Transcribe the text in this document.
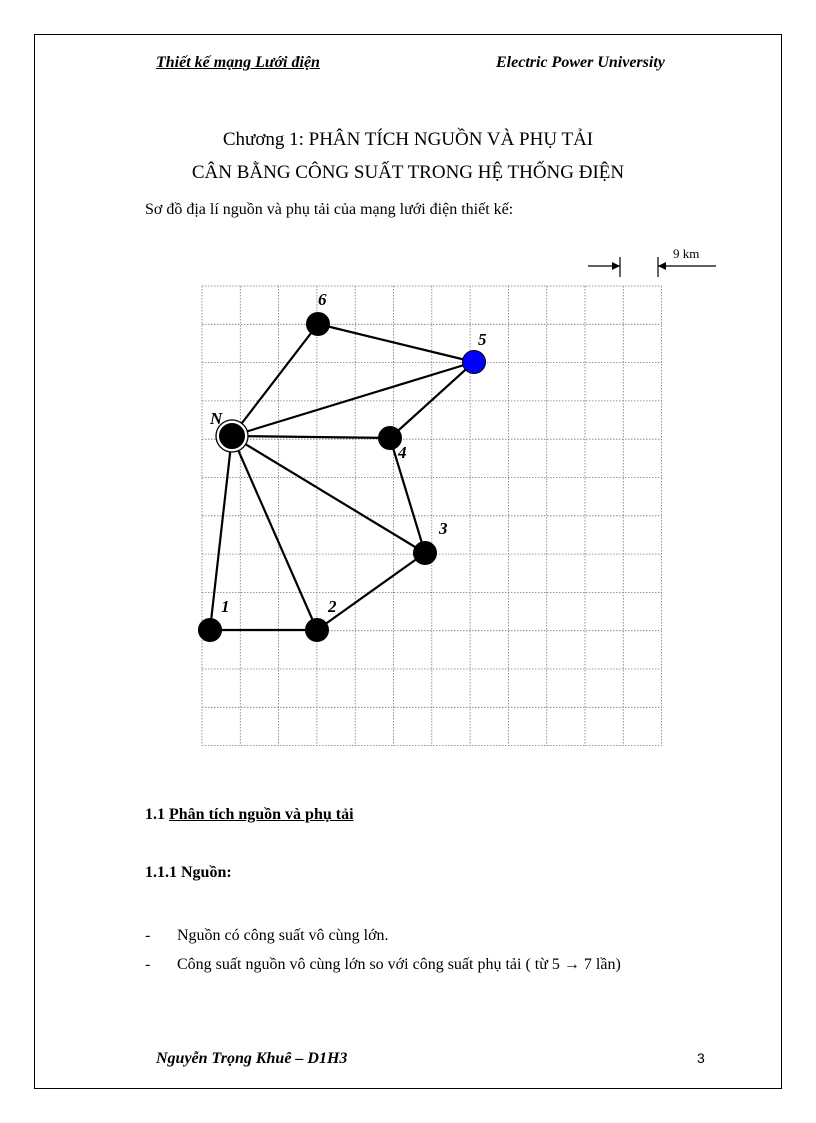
Thiết kế mạng Lưới điện	Electric Power University
Chương 1: PHÂN TÍCH NGUỒN VÀ PHỤ TẢI
CÂN BẰNG CÔNG SUẤT TRONG HỆ THỐNG ĐIỆN
Sơ đồ địa lí nguồn và phụ tải của mạng lưới điện thiết kế:
9 km
N
1	2
3
4
5
6
1.1 Phân tích nguồn và phụ tải
1.1.1 Nguồn:
- Nguồn có công suất vô cùng lớn.
- Công suất nguồn vô cùng lớn so với công suất phụ tải ( từ 5 → 7 lần)
Nguyễn Trọng Khuê – D1H3	3
